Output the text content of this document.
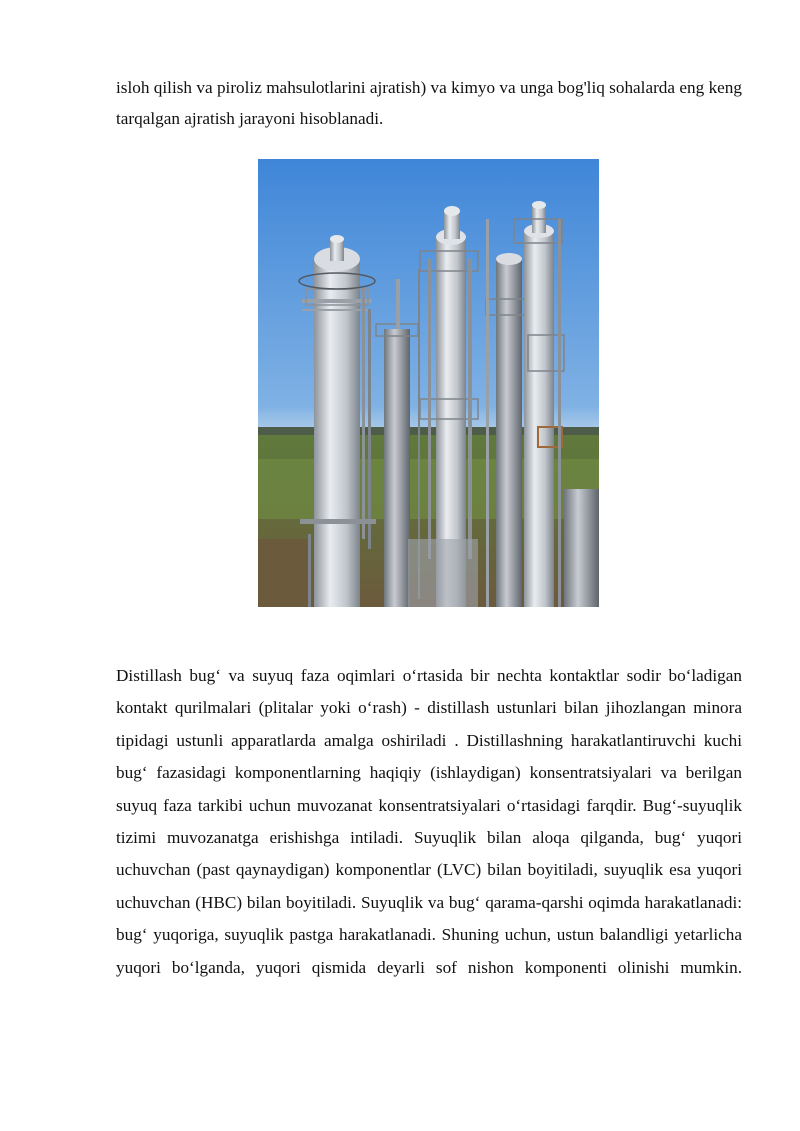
isloh qilish va piroliz mahsulotlarini ajratish) va kimyo va unga bog'liq sohalarda eng keng tarqalgan ajratish jarayoni hisoblanadi.

Distillash bug‘ va suyuq faza oqimlari o‘rtasida bir nechta kontaktlar sodir bo‘ladigan kontakt qurilmalari (plitalar yoki o‘rash) - distillash ustunlari bilan jihozlangan minora tipidagi ustunli apparatlarda amalga oshiriladi . Distillashning harakatlantiruvchi kuchi bug‘ fazasidagi komponentlarning haqiqiy (ishlaydigan) konsentratsiyalari va berilgan suyuq faza tarkibi uchun muvozanat konsentratsiyalari o‘rtasidagi farqdir. Bug‘-suyuqlik tizimi muvozanatga erishishga intiladi. Suyuqlik bilan aloqa qilganda, bug‘ yuqori uchuvchan (past qaynaydigan) komponentlar (LVC) bilan boyitiladi, suyuqlik esa yuqori uchuvchan (HBC) bilan boyitiladi. Suyuqlik va bug‘ qarama-qarshi oqimda harakatlanadi: bug‘ yuqoriga, suyuqlik pastga harakatlanadi. Shuning uchun, ustun balandligi yetarlicha yuqori bo‘lganda, yuqori qismida deyarli sof nishon komponenti olinishi mumkin.
